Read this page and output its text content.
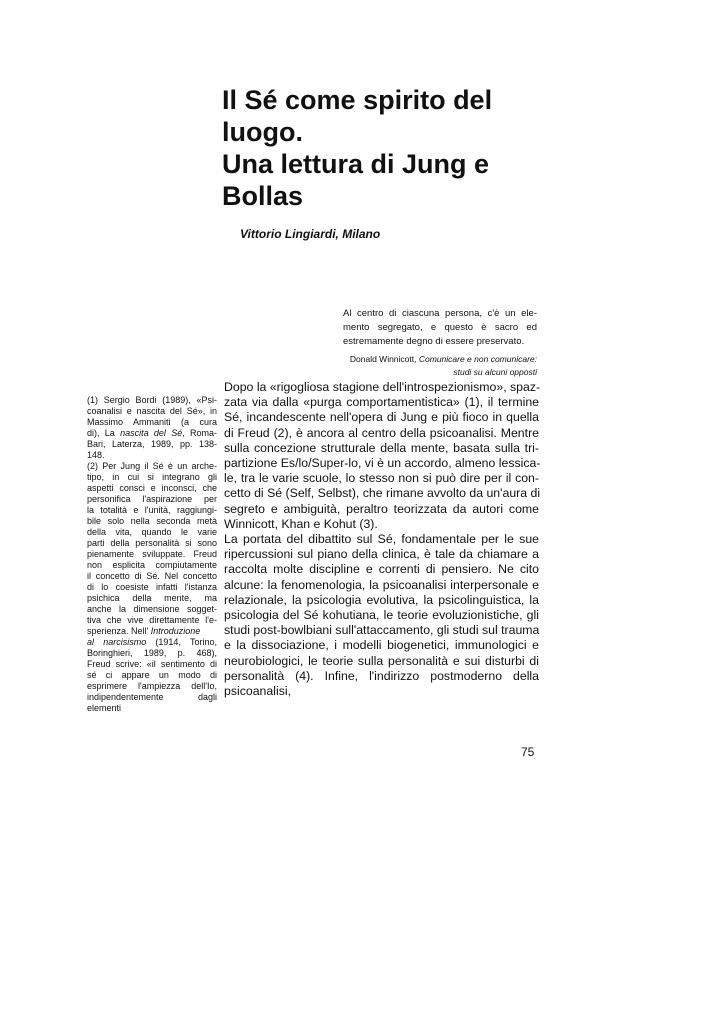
Il Sé come spirito del
luogo.
Una lettura di Jung e
Bollas

Vittorio Lingiardi, Milano

Al centro di ciascuna persona, c'è un ele-
mento segregato, e questo è sacro ed
estremamente degno di essere preservato.

Donald Winnicott, Comunicare e non comunicare:
studi su alcuni opposti

(1) Sergio Bordi (1989), «Psi-
coanalisi e nascita del Sé», in
Massimo Ammaniti (a cura
di), La nascita del Sé, Roma-
Bari, Laterza, 1989, pp. 138-
148.
(2) Per Jung il Sé è un arche-
tipo, in cui si integrano gli
aspetti consci e inconsci, che
personifica l'aspirazione per
la totalità e l'unità, raggiungi-
bile solo nella seconda metà
della vita, quando le varie
parti della personalità si sono
pienamente sviluppate. Freud
non esplicita compiutamente
il concetto di Sé. Nel concetto
di lo coesiste infatti l'istanza
psichica della mente, ma
anche la dimensione sogget-
tiva che vive direttamente l'e-
sperienza. Nell' Introduzione
al narcisismo (1914, Torino,
Boringhieri, 1989, p. 468),
Freud scrive: «il sentimento di
sé ci appare un modo di
esprimere l'ampiezza dell'Io,
indipendentemente dagli
elementi
Dopo la «rigogliosa stagione dell'introspezionismo», spaz-
zata via dalla «purga comportamentistica» (1), il termine
Sé, incandescente nell'opera di Jung e più fioco in quella
di Freud (2), è ancora al centro della psicoanalisi. Mentre
sulla concezione strutturale della mente, basata sulla tri-
partizione Es/lo/Super-lo, vi è un accordo, almeno lessica-
le, tra le varie scuole, lo stesso non si può dire per il con-
cetto di Sé (Self, Selbst), che rimane avvolto da un'aura di
segreto e ambiguità, peraltro teorizzata da autori come
Winnicott, Khan e Kohut (3).
La portata del dibattito sul Sé, fondamentale per le sue
ripercussioni sul piano della clinica, è tale da chiamare a
raccolta molte discipline e correnti di pensiero. Ne cito
alcune: la fenomenologia, la psicoanalisi interpersonale e
relazionale, la psicologia evolutiva, la psicolinguistica, la
psicologia del Sé kohutiana, le teorie evoluzionistiche, gli
studi post-bowlbiani sull'attaccamento, gli studi sul trauma
e la dissociazione, i modelli biogenetici, immunologici e
neurobiologici, le teorie sulla personalità e sui disturbi di
personalità (4). Infine, l'indirizzo postmoderno della
psicoanalisi,
75
